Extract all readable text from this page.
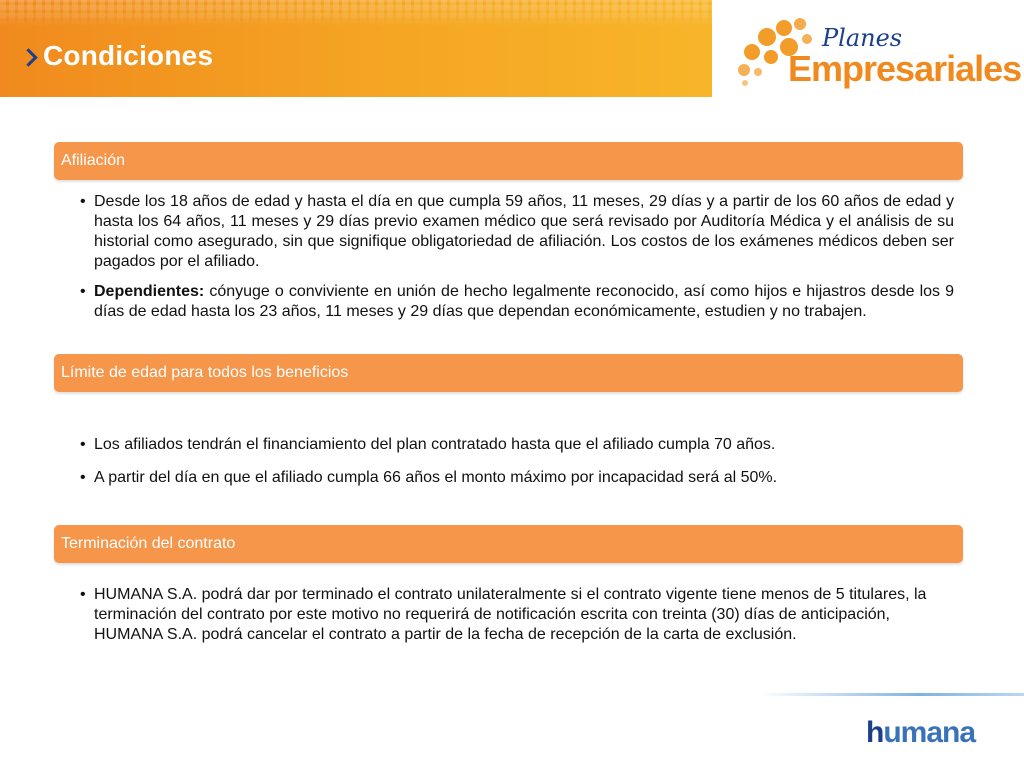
Condiciones
Planes
Empresariales
Afiliación
• Desde los 18 años de edad y hasta el día en que cumpla 59 años, 11 meses, 29 días y a partir de los 60 años de edad y hasta los 64 años, 11 meses y 29 días previo examen médico que será revisado por Auditoría Médica y el análisis de su historial como asegurado, sin que signifique obligatoriedad de afiliación. Los costos de los exámenes médicos deben ser pagados por el afiliado.
• Dependientes: cónyuge o conviviente en unión de hecho legalmente reconocido, así como hijos e hijastros desde los 9 días de edad hasta los 23 años, 11 meses y 29 días que dependan económicamente, estudien y no trabajen.
Límite de edad para todos los beneficios
• Los afiliados tendrán el financiamiento del plan contratado hasta que el afiliado cumpla 70 años.
• A partir del día en que el afiliado cumpla 66 años el monto máximo por incapacidad será al 50%.
Terminación del contrato
• HUMANA S.A. podrá dar por terminado el contrato unilateralmente si el contrato vigente tiene menos de 5 titulares, la terminación del contrato por este motivo no requerirá de notificación escrita con treinta (30) días de anticipación, HUMANA S.A. podrá cancelar el contrato a partir de la fecha de recepción de la carta de exclusión.
humana
